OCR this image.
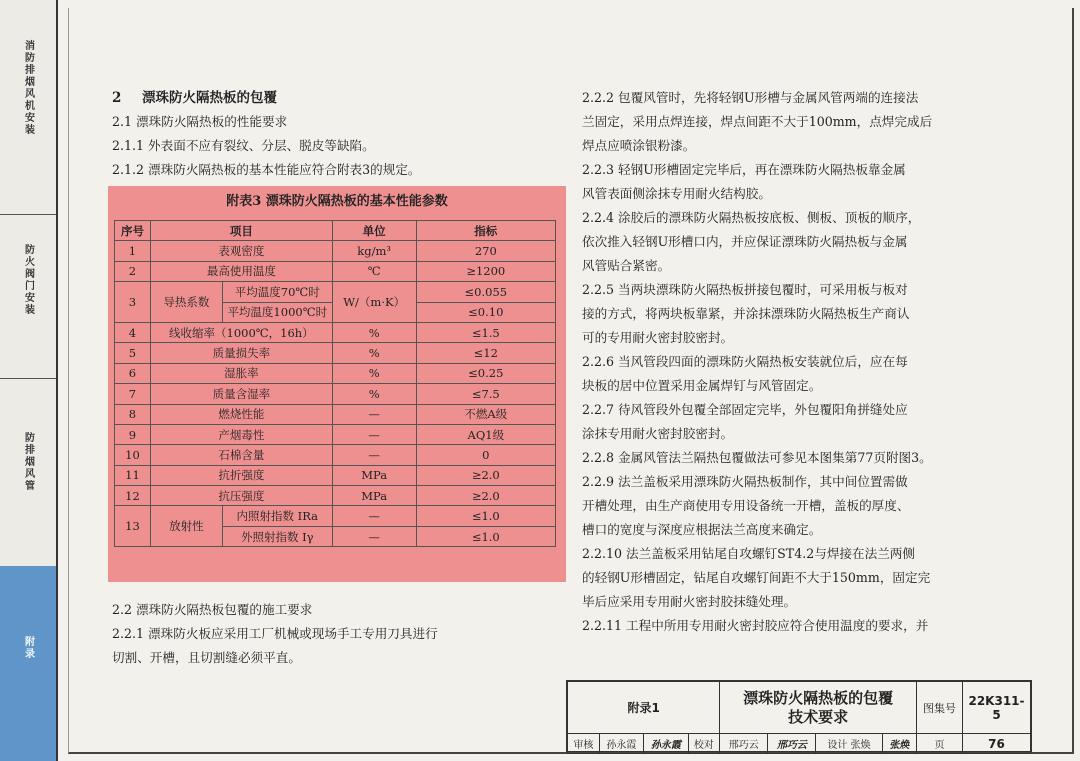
消防排烟风机安装
防火阀门安装
防排烟风管
附录

2 漂珠防火隔热板的包覆

2.1 漂珠防火隔热板的性能要求

2.1.1 外表面不应有裂纹、分层、脱皮等缺陷。

2.1.2 漂珠防火隔热板的基本性能应符合附表3的规定。

附表3 漂珠防火隔热板的基本性能参数
序号	项目		单位	指标
1	表观密度		kg/m³	270
2	最高使用温度		℃	≥1200
3	导热系数	平均温度70℃时	W/（m·K）	≤0.055
		平均温度1000℃时		≤0.10
4	线收缩率（1000℃，16h）		%	≤1.5
5	质量损失率		%	≤12
6	湿胀率		%	≤0.25
7	质量含湿率		%	≤7.5
8	燃烧性能		—	不燃A级
9	产烟毒性		—	AQ1级
10	石棉含量		—	0
11	抗折强度		MPa	≥2.0
12	抗压强度		MPa	≥2.0
13	放射性	内照射指数 IRa	—	≤1.0
		外照射指数 Iγ	—	≤1.0

2.2 漂珠防火隔热板包覆的施工要求

2.2.1 漂珠防火板应采用工厂机械或现场手工专用刀具进行

切割、开槽，且切割缝必须平直。

2.2.2 包覆风管时，先将轻钢U形槽与金属风管两端的连接法

兰固定，采用点焊连接，焊点间距不大于100mm，点焊完成后

焊点应喷涂银粉漆。

2.2.3 轻钢U形槽固定完毕后，再在漂珠防火隔热板靠金属

风管表面侧涂抹专用耐火结构胶。

2.2.4 涂胶后的漂珠防火隔热板按底板、侧板、顶板的顺序，

依次推入轻钢U形槽口内，并应保证漂珠防火隔热板与金属

风管贴合紧密。

2.2.5 当两块漂珠防火隔热板拼接包覆时，可采用板与板对

接的方式，将两块板靠紧，并涂抹漂珠防火隔热板生产商认

可的专用耐火密封胶密封。

2.2.6 当风管段四面的漂珠防火隔热板安装就位后，应在每

块板的居中位置采用金属焊钉与风管固定。

2.2.7 待风管段外包覆全部固定完毕，外包覆阳角拼缝处应

涂抹专用耐火密封胶密封。

2.2.8 金属风管法兰隔热包覆做法可参见本图集第77页附图3。

2.2.9 法兰盖板采用漂珠防火隔热板制作，其中间位置需做

开槽处理，由生产商使用专用设备统一开槽，盖板的厚度、

槽口的宽度与深度应根据法兰高度来确定。

2.2.10 法兰盖板采用钻尾自攻螺钉ST4.2与焊接在法兰两侧

的轻钢U形槽固定，钻尾自攻螺钉间距不大于150mm，固定完

毕后应采用专用耐火密封胶抹缝处理。

2.2.11 工程中所用专用耐火密封胶应符合使用温度的要求，并

附录1				漂珠防火隔热板的包覆
技术要求				图集号	22K311-5
审核	孙永霞	孙永霞	校对	邢巧云	邢巧云	设计 张焕	张焕	页	76
